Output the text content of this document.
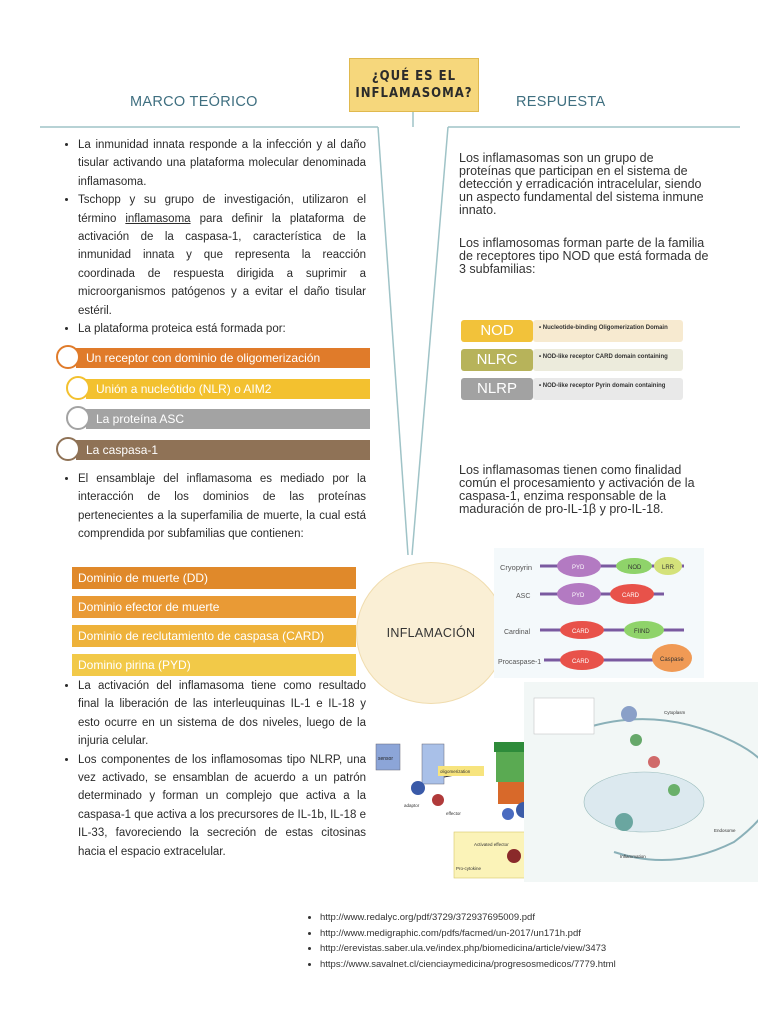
¿QUÉ ES EL
INFLAMASOMA?
MARCO TEÓRICO	RESPUESTA
• La inmunidad innata responde a la infección y al daño tisular activando una plataforma molecular denominada inflamasoma.
• Tschopp y su grupo de investigación, utilizaron el término inflamasoma para definir la plataforma de activación de la caspasa-1, característica de la inmunidad innata y que representa la reacción coordinada de respuesta dirigida a suprimir a microorganismos patógenos y a evitar el daño tisular estéril.
• La plataforma proteica está formada por:
Un receptor con dominio de oligomerización
Unión a nucleótido (NLR) o AIM2
La proteína ASC
La caspasa-1
• El ensamblaje del inflamasoma es mediado por la interacción de los dominios de las proteínas pertenecientes a la superfamilia de muerte, la cual está comprendida por subfamilias que contienen:
Dominio de muerte (DD)
Dominio efector de muerte
Dominio de reclutamiento de caspasa (CARD)
Dominio pirina (PYD)
• La activación del inflamasoma tiene como resultado final la liberación de las interleuquinas IL-1 e IL-18 y esto ocurre en un sistema de dos niveles, luego de la injuria celular.
• Los componentes de los inflamosomas tipo NLRP, una vez activado, se ensamblan de acuerdo a un patrón determinado y forman un complejo que activa a la caspasa-1 que activa a los precursores de IL-1b, IL-18 e IL-33, favoreciendo la secreción de estas citosinas hacia el espacio extracelular.
Los inflamasomas son un grupo de proteínas que participan en el sistema de detección y erradicación intracelular, siendo un aspecto fundamental del sistema inmune innato.
Los inflamosomas forman parte de la familia de receptores tipo NOD que está formada de 3 subfamilias:
NOD	• Nucleotide-binding Oligomerization Domain
NLRC	• NOD-like receptor CARD domain containing
NLRP	• NOD-like receptor Pyrin domain containing
Los inflamasomas tienen como finalidad común el procesamiento y activación de la caspasa-1, enzima responsable de la maduración de pro-IL-1β y pro-IL-18.
INFLAMACIÓN
Cryopyrin	PYD	NOD	LRR
ASC	PYD	CARD
Cardinal	CARD	FIIND
Procaspase-1	CARD	Caspase
sensor
oligomerization
adaptor
effector
Activated effector
Pro-cytokine
Cytoplasm
Endosome
Inflammation
• http://www.redalyc.org/pdf/3729/372937695009.pdf
• http://www.medigraphic.com/pdfs/facmed/un-2017/un171h.pdf
• http://erevistas.saber.ula.ve/index.php/biomedicina/article/view/3473
• https://www.savalnet.cl/cienciaymedicina/progresosmedicos/7779.html
